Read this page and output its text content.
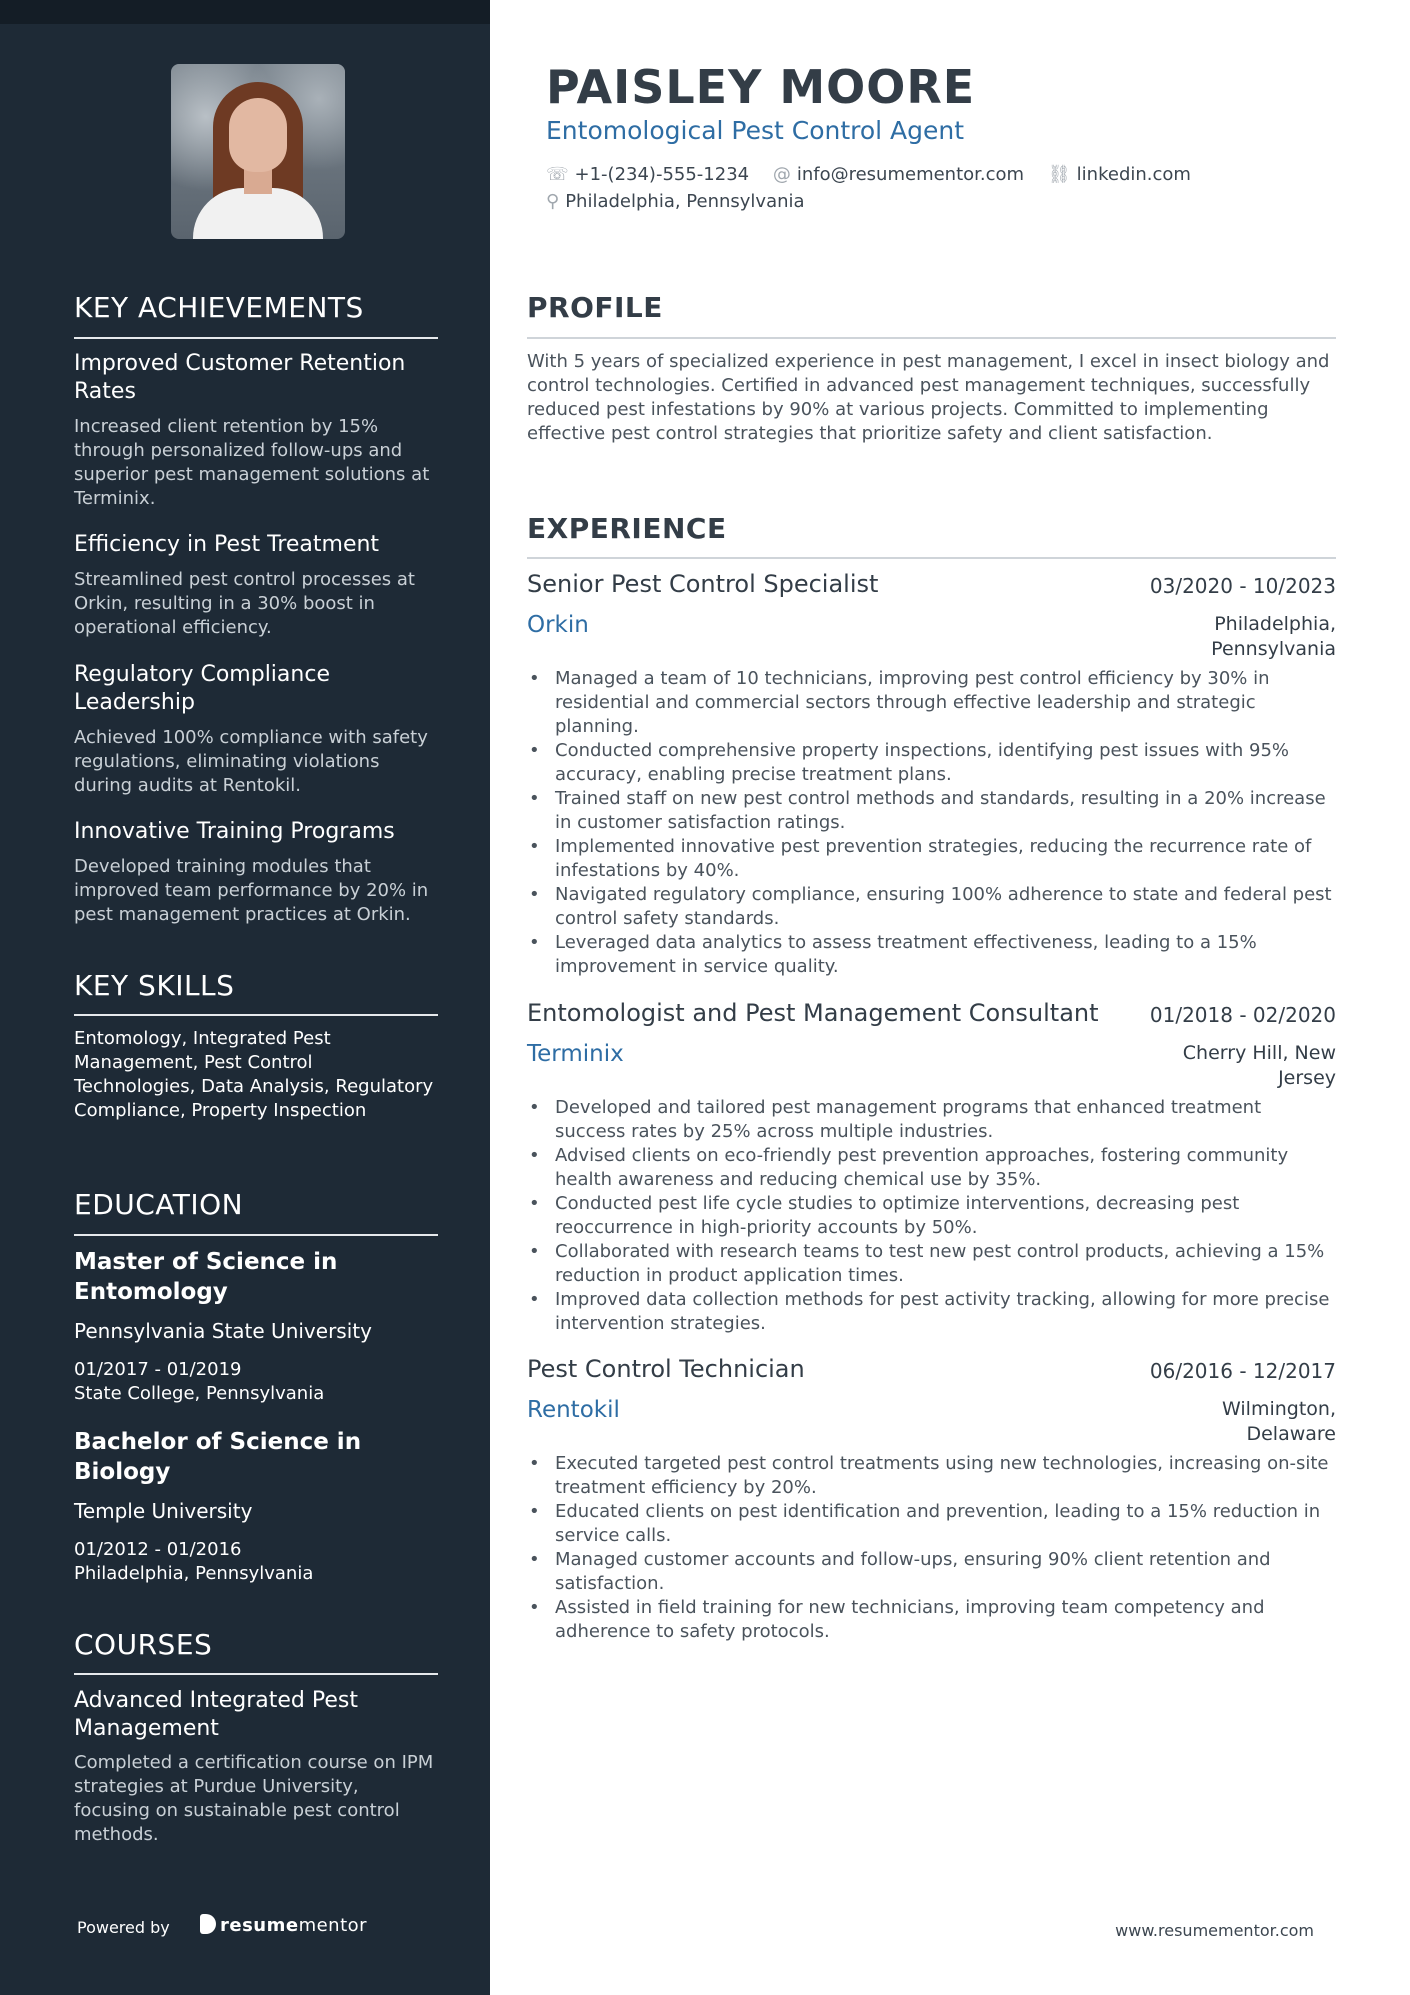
KEY ACHIEVEMENTS
Improved Customer Retention Rates
Increased client retention by 15% through personalized follow-ups and superior pest management solutions at Terminix.
Efficiency in Pest Treatment
Streamlined pest control processes at Orkin, resulting in a 30% boost in operational efficiency.
Regulatory Compliance Leadership
Achieved 100% compliance with safety regulations, eliminating violations during audits at Rentokil.
Innovative Training Programs
Developed training modules that improved team performance by 20% in pest management practices at Orkin.
KEY SKILLS
Entomology, Integrated Pest Management, Pest Control Technologies, Data Analysis, Regulatory Compliance, Property Inspection
EDUCATION
Master of Science in Entomology
Pennsylvania State University
01/2017 - 01/2019
State College, Pennsylvania
Bachelor of Science in Biology
Temple University
01/2012 - 01/2016
Philadelphia, Pennsylvania
COURSES
Advanced Integrated Pest Management
Completed a certification course on IPM strategies at Purdue University, focusing on sustainable pest control methods.
Powered by	resumementor
PAISLEY MOORE
Entomological Pest Control Agent
☏ +1-(234)-555-1234 @ info@resumementor.com ⛓ linkedin.com
⚲ Philadelphia, Pennsylvania
PROFILE

With 5 years of specialized experience in pest management, I excel in insect biology and control technologies. Certified in advanced pest management techniques, successfully reduced pest infestations by 90% at various projects. Committed to implementing effective pest control strategies that prioritize safety and client satisfaction.

EXPERIENCE
Senior Pest Control Specialist	03/2020 - 10/2023
Orkin	Philadelphia, Pennsylvania
• Managed a team of 10 technicians, improving pest control efficiency by 30% in residential and commercial sectors through effective leadership and strategic planning.
• Conducted comprehensive property inspections, identifying pest issues with 95% accuracy, enabling precise treatment plans.
• Trained staff on new pest control methods and standards, resulting in a 20% increase in customer satisfaction ratings.
• Implemented innovative pest prevention strategies, reducing the recurrence rate of infestations by 40%.
• Navigated regulatory compliance, ensuring 100% adherence to state and federal pest control safety standards.
• Leveraged data analytics to assess treatment effectiveness, leading to a 15% improvement in service quality.
Entomologist and Pest Management Consultant	01/2018 - 02/2020
Terminix	Cherry Hill, New Jersey
• Developed and tailored pest management programs that enhanced treatment success rates by 25% across multiple industries.
• Advised clients on eco-friendly pest prevention approaches, fostering community health awareness and reducing chemical use by 35%.
• Conducted pest life cycle studies to optimize interventions, decreasing pest reoccurrence in high-priority accounts by 50%.
• Collaborated with research teams to test new pest control products, achieving a 15% reduction in product application times.
• Improved data collection methods for pest activity tracking, allowing for more precise intervention strategies.
Pest Control Technician	06/2016 - 12/2017
Rentokil	Wilmington, Delaware
• Executed targeted pest control treatments using new technologies, increasing on-site treatment efficiency by 20%.
• Educated clients on pest identification and prevention, leading to a 15% reduction in service calls.
• Managed customer accounts and follow-ups, ensuring 90% client retention and satisfaction.
• Assisted in field training for new technicians, improving team competency and adherence to safety protocols.
www.resumementor.com
